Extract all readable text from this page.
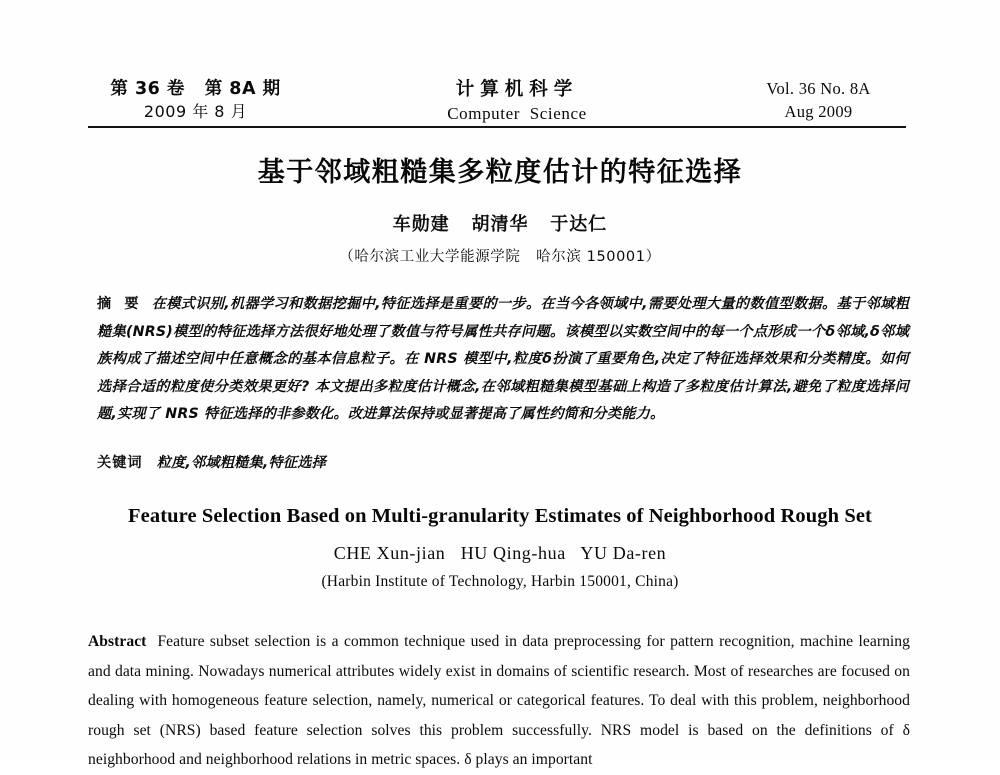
第 36 卷   第 8A 期
2009 年 8 月
计算机科学
Computer  Science
Vol. 36 No. 8A
Aug 2009
基于邻域粗糙集多粒度估计的特征选择
车勋建   胡清华   于达仁
（哈尔滨工业大学能源学院   哈尔滨 150001）
摘 要 在模式识别,机器学习和数据挖掘中,特征选择是重要的一步。在当今各领域中,需要处理大量的数值型数据。基于邻域粗糙集(NRS)模型的特征选择方法很好地处理了数值与符号属性共存问题。该模型以实数空间中的每一个点形成一个δ邻域,δ邻域族构成了描述空间中任意概念的基本信息粒子。在 NRS 模型中,粒度δ扮演了重要角色,决定了特征选择效果和分类精度。如何选择合适的粒度使分类效果更好? 本文提出多粒度估计概念,在邻域粗糙集模型基础上构造了多粒度估计算法,避免了粒度选择问题,实现了 NRS 特征选择的非参数化。改进算法保持或显著提高了属性约简和分类能力。
关键词 粒度,邻域粗糙集,特征选择
Feature Selection Based on Multi-granularity Estimates of Neighborhood Rough Set
CHE Xun-jian   HU Qing-hua   YU Da-ren
(Harbin Institute of Technology, Harbin 150001, China)
Abstract Feature subset selection is a common technique used in data preprocessing for pattern recognition, machine learning and data mining. Nowadays numerical attributes widely exist in domains of scientific research. Most of researches are focused on dealing with homogeneous feature selection, namely, numerical or categorical features. To deal with this problem, neighborhood rough set (NRS) based feature selection solves this problem successfully. NRS model is based on the definitions of δ neighborhood and neighborhood relations in metric spaces. δ plays an important
